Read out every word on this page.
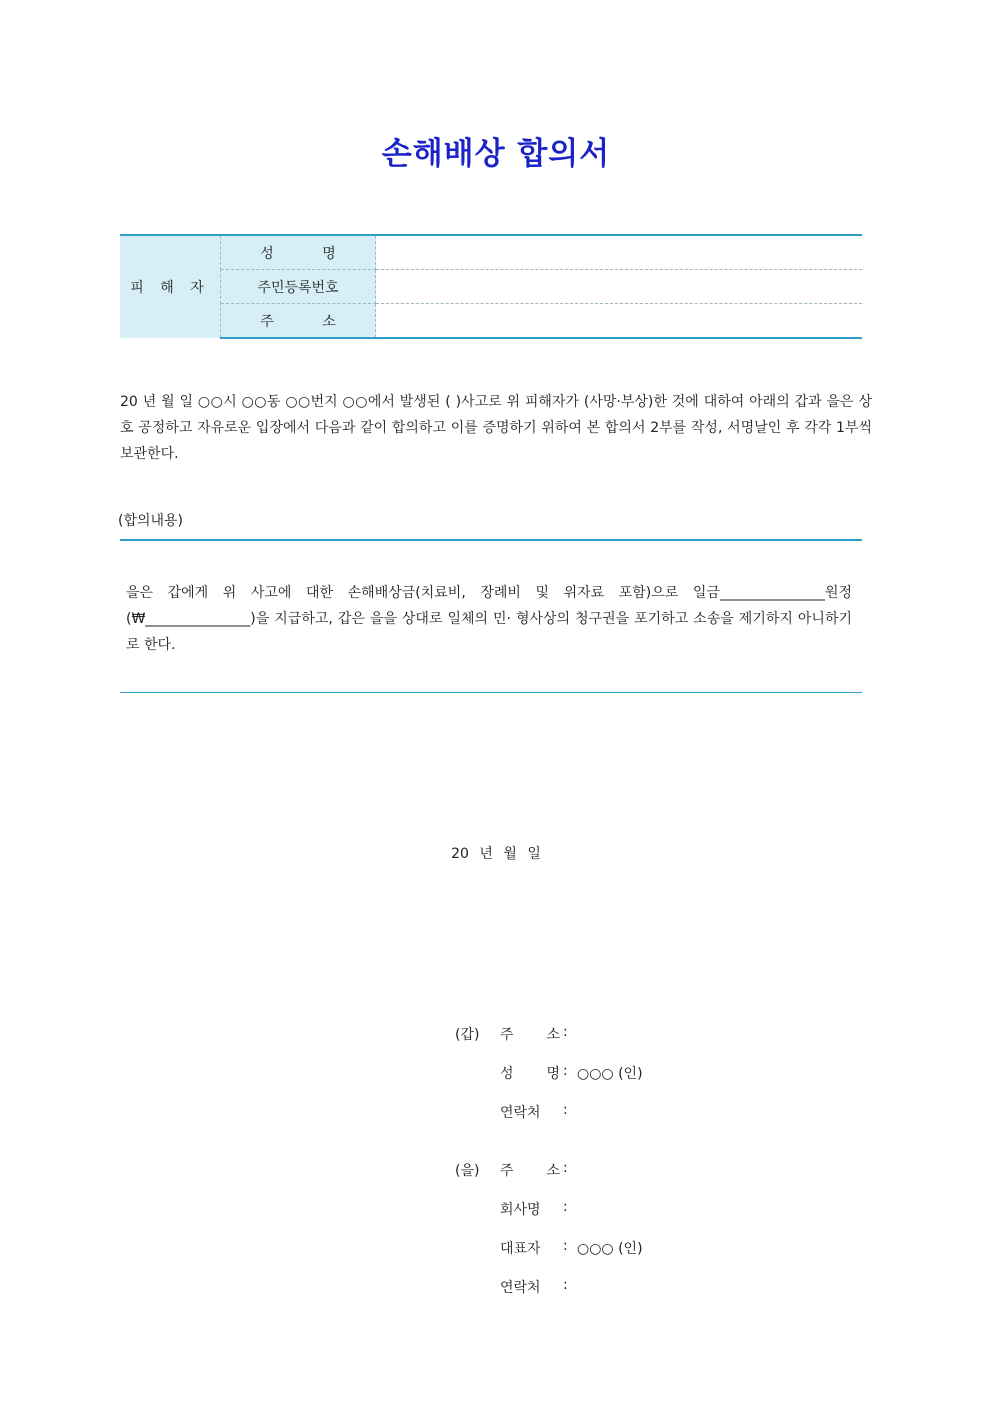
손해배상 합의서
피 해 자	성 명	
	주민등록번호	
	주 소	

20 년 월 일 ○○시 ○○동 ○○번지 ○○에서 발생된 ( )사고로 위 피해자가 (사망·부상)한 것에 대하여 아래의 갑과 을은 상호 공정하고 자유로운 입장에서 다음과 같이 합의하고 이를 증명하기 위하여 본 합의서 2부를 작성, 서명날인 후 각각 1부씩 보관한다.

(합의내용)

을은 갑에게 위 사고에 대한 손해배상금(치료비, 장례비 및 위자료 포함)으로 일금_______________원정(₩_______________)을 지급하고, 갑은 을을 상대로 일체의 민· 형사상의 청구권을 포기하고 소송을 제기하지 아니하기로 한다.

20 년 월 일
(갑)	주 소 :
성 명 : ○○○ (인)
연락처	:
(을)	주 소 :
회사명	:
대표자	: ○○○ (인)
연락처	:
